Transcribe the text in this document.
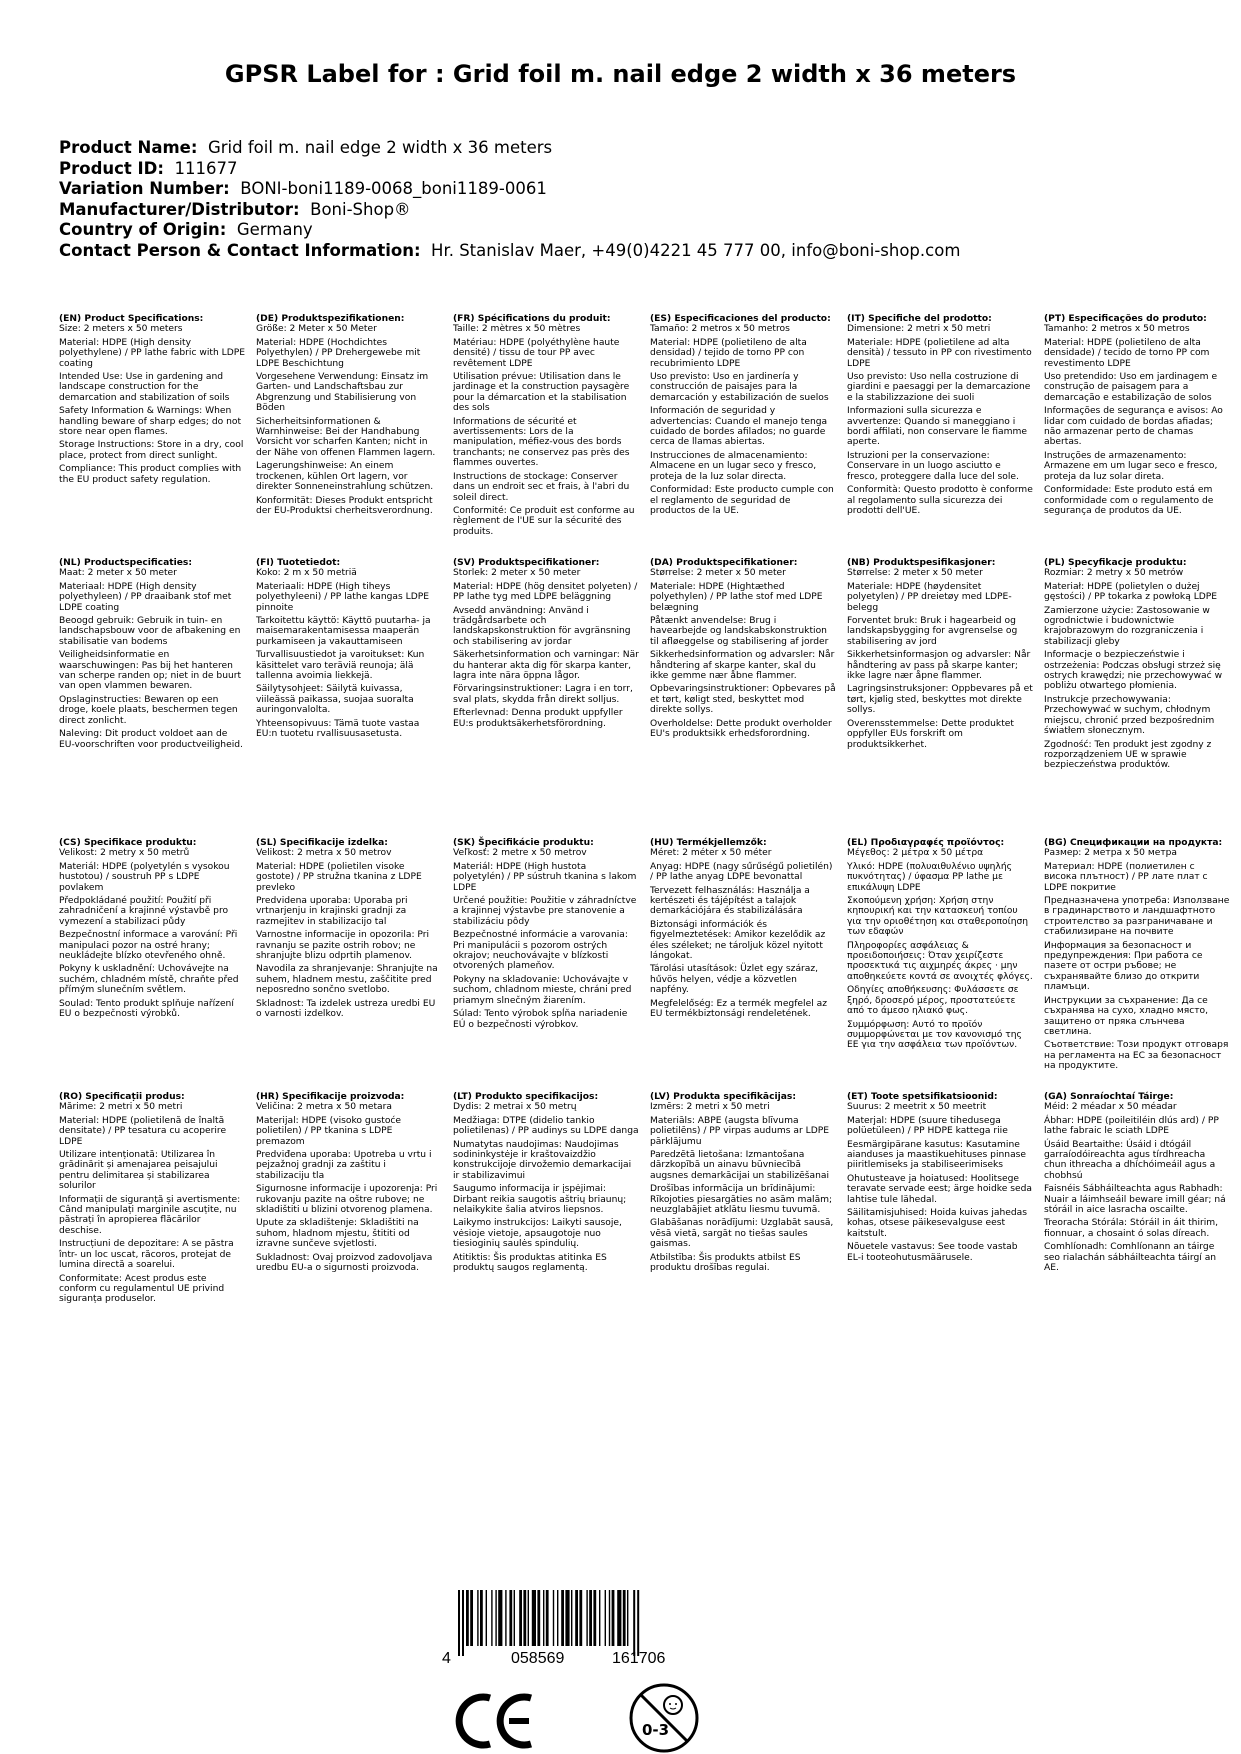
GPSR Label for : Grid foil m. nail edge 2 width x 36 meters
Product Name: Grid foil m. nail edge 2 width x 36 meters
Product ID: 111677
Variation Number: BONI-boni1189-0068_boni1189-0061
Manufacturer/Distributor: Boni-Shop®
Country of Origin: Germany
Contact Person & Contact Information: Hr. Stanislav Maer, +49(0)4221 45 777 00, info@boni-shop.com
(EN) Product Specifications:
Size: 2 meters x 50 meters
Material: HDPE (High density polyethylene) / PP lathe fabric with LDPE coating
Intended Use: Use in gardening and landscape construction for the demarcation and stabilization of soils
Safety Information & Warnings: When handling beware of sharp edges; do not store near open flames.
Storage Instructions: Store in a dry, cool place, protect from direct sunlight.
Compliance: This product complies with the EU product safety regulation.
(DE) Produktspezifikationen:
Größe: 2 Meter x 50 Meter
Material: HDPE (Hochdichtes Polyethylen) / PP Drehergewebe mit LDPE Beschichtung
Vorgesehene Verwendung: Einsatz im Garten- und Landschaftsbau zur Abgrenzung und Stabilisierung von Böden
Sicherheitsinformationen & Warnhinweise: Bei der Handhabung Vorsicht vor scharfen Kanten; nicht in der Nähe von offenen Flammen lagern.
Lagerungshinweise: An einem trockenen, kühlen Ort lagern, vor direkter Sonneneinstrahlung schützen.
Konformität: Dieses Produkt entspricht der EU-Produktsi cherheitsverordnung.
(FR) Spécifications du produit:
Taille: 2 mètres x 50 mètres
Matériau: HDPE (polyéthylène haute densité) / tissu de tour PP avec revêtement LDPE
Utilisation prévue: Utilisation dans le jardinage et la construction paysagère pour la démarcation et la stabilisation des sols
Informations de sécurité et avertissements: Lors de la manipulation, méfiez-vous des bords tranchants; ne conservez pas près des flammes ouvertes.
Instructions de stockage: Conserver dans un endroit sec et frais, à l'abri du soleil direct.
Conformité: Ce produit est conforme au règlement de l'UE sur la sécurité des produits.
(ES) Especificaciones del producto:
Tamaño: 2 metros x 50 metros
Material: HDPE (polietileno de alta densidad) / tejido de torno PP con recubrimiento LDPE
Uso previsto: Uso en jardinería y construcción de paisajes para la demarcación y estabilización de suelos
Información de seguridad y advertencias: Cuando el manejo tenga cuidado de bordes afilados; no guarde cerca de llamas abiertas.
Instrucciones de almacenamiento: Almacene en un lugar seco y fresco, proteja de la luz solar directa.
Conformidad: Este producto cumple con el reglamento de seguridad de productos de la UE.
(IT) Specifiche del prodotto:
Dimensione: 2 metri x 50 metri
Materiale: HDPE (polietilene ad alta densità) / tessuto in PP con rivestimento LDPE
Uso previsto: Uso nella costruzione di giardini e paesaggi per la demarcazione e la stabilizzazione dei suoli
Informazioni sulla sicurezza e avvertenze: Quando si maneggiano i bordi affilati, non conservare le fiamme aperte.
Istruzioni per la conservazione: Conservare in un luogo asciutto e fresco, proteggere dalla luce del sole.
Conformità: Questo prodotto è conforme al regolamento sulla sicurezza dei prodotti dell'UE.
(PT) Especificações do produto:
Tamanho: 2 metros x 50 metros
Material: HDPE (polietileno de alta densidade) / tecido de torno PP com revestimento LDPE
Uso pretendido: Uso em jardinagem e construção de paisagem para a demarcação e estabilização de solos
Informações de segurança e avisos: Ao lidar com cuidado de bordas afiadas; não armazenar perto de chamas abertas.
Instruções de armazenamento: Armazene em um lugar seco e fresco, proteja da luz solar direta.
Conformidade: Este produto está em conformidade com o regulamento de segurança de produtos da UE.
(NL) Productspecificaties:
Maat: 2 meter x 50 meter
Materiaal: HDPE (High density polyethyleen) / PP draaibank stof met LDPE coating
Beoogd gebruik: Gebruik in tuin- en landschapsbouw voor de afbakening en stabilisatie van bodems
Veiligheidsinformatie en waarschuwingen: Pas bij het hanteren van scherpe randen op; niet in de buurt van open vlammen bewaren.
Opslaginstructies: Bewaren op een droge, koele plaats, beschermen tegen direct zonlicht.
Naleving: Dit product voldoet aan de EU-voorschriften voor productveiligheid.
(FI) Tuotetiedot:
Koko: 2 m x 50 metriä
Materiaali: HDPE (High tiheys polyethyleeni) / PP lathe kangas LDPE pinnoite
Tarkoitettu käyttö: Käyttö puutarha- ja maisemarakentamisessa maaperän purkamiseen ja vakauttamiseen
Turvallisuustiedot ja varoitukset: Kun käsittelet varo teräviä reunoja; älä tallenna avoimia liekkejä.
Säilytysohjeet: Säilytä kuivassa, viileässä paikassa, suojaa suoralta auringonvalolta.
Yhteensopivuus: Tämä tuote vastaa EU:n tuotetu rvallisuusasetusta.
(SV) Produktspecifikationer:
Storlek: 2 meter x 50 meter
Material: HDPE (hög densitet polyeten) / PP lathe tyg med LDPE beläggning
Avsedd användning: Använd i trädgårdsarbete och landskapskonstruktion för avgränsning och stabilisering av jordar
Säkerhetsinformation och varningar: När du hanterar akta dig för skarpa kanter, lagra inte nära öppna lågor.
Förvaringsinstruktioner: Lagra i en torr, sval plats, skydda från direkt solljus.
Efterlevnad: Denna produkt uppfyller EU:s produktsäkerhetsförordning.
(DA) Produktspecifikationer:
Størrelse: 2 meter x 50 meter
Materiale: HDPE (Hightæthed polyethylen) / PP lathe stof med LDPE belægning
Påtænkt anvendelse: Brug i havearbejde og landskabskonstruktion til afløeggelse og stabilisering af jorder
Sikkerhedsinformation og advarsler: Når håndtering af skarpe kanter, skal du ikke gemme nær åbne flammer.
Opbevaringsinstruktioner: Opbevares på et tørt, køligt sted, beskyttet mod direkte sollys.
Overholdelse: Dette produkt overholder EU's produktsikk erhedsforordning.
(NB) Produktspesifikasjoner:
Størrelse: 2 meter x 50 meter
Materiale: HDPE (høydensitet polyetylen) / PP dreietøy med LDPE-belegg
Forventet bruk: Bruk i hagearbeid og landskapsbygging for avgrenselse og stabilisering av jord
Sikkerhetsinformasjon og advarsler: Når håndtering av pass på skarpe kanter; ikke lagre nær åpne flammer.
Lagringsinstruksjoner: Oppbevares på et tørt, kjølig sted, beskyttes mot direkte sollys.
Overensstemmelse: Dette produktet oppfyller EUs forskrift om produktsikkerhet.
(PL) Specyfikacje produktu:
Rozmiar: 2 metry x 50 metrów
Materiał: HDPE (polietylen o dużej gęstości) / PP tokarka z powłoką LDPE
Zamierzone użycie: Zastosowanie w ogrodnictwie i budownictwie krajobrazowym do rozgraniczenia i stabilizacji gleby
Informacje o bezpieczeństwie i ostrzeżenia: Podczas obsługi strzeż się ostrych krawędzi; nie przechowywać w pobliżu otwartego płomienia.
Instrukcje przechowywania: Przechowywać w suchym, chłodnym miejscu, chronić przed bezpośrednim światłem słonecznym.
Zgodność: Ten produkt jest zgodny z rozporządzeniem UE w sprawie bezpieczeństwa produktów.
(CS) Specifikace produktu:
Velikost: 2 metry x 50 metrů
Materiál: HDPE (polyetylén s vysokou hustotou) / soustruh PP s LDPE povlakem
Předpokládané použití: Použití při zahradničení a krajinné výstavbě pro vymezení a stabilizaci půdy
Bezpečnostní informace a varování: Při manipulaci pozor na ostré hrany; neukládejte blízko otevřeného ohně.
Pokyny k uskladnění: Uchovávejte na suchém, chladném místě, chraňte před přímým slunečním světlem.
Soulad: Tento produkt splňuje nařízení EU o bezpečnosti výrobků.
(SL) Specifikacije izdelka:
Velikost: 2 metra x 50 metrov
Material: HDPE (polietilen visoke gostote) / PP stružna tkanina z LDPE prevleko
Predvidena uporaba: Uporaba pri vrtnarjenju in krajinski gradnji za razmejitev in stabilizacijo tal
Varnostne informacije in opozorila: Pri ravnanju se pazite ostrih robov; ne shranjujte blizu odprtih plamenov.
Navodila za shranjevanje: Shranjujte na suhem, hladnem mestu, zaščitite pred neposredno sončno svetlobo.
Skladnost: Ta izdelek ustreza uredbi EU o varnosti izdelkov.
(SK) Špecifikácie produktu:
Veľkosť: 2 metre x 50 metrov
Materiál: HDPE (High hustota polyetylén) / PP sústruh tkanina s lakom LDPE
Určené použitie: Použitie v záhradníctve a krajinnej výstavbe pre stanovenie a stabilizáciu pôdy
Bezpečnostné informácie a varovania: Pri manipulácii s pozorom ostrých okrajov; neuchovávajte v blízkosti otvorených plameňov.
Pokyny na skladovanie: Uchovávajte v suchom, chladnom mieste, chráni pred priamym slnečným žiarením.
Súlad: Tento výrobok spĺňa nariadenie EÚ o bezpečnosti výrobkov.
(HU) Termékjellemzők:
Méret: 2 méter x 50 méter
Anyag: HDPE (nagy sűrűségű polietilén) / PP lathe anyag LDPE bevonattal
Tervezett felhasználás: Használja a kertészeti és tájépítést a talajok demarkációjára és stabilizálására
Biztonsági információk és figyelmeztetések: Amikor kezelődik az éles széleket; ne tároljuk közel nyitott lángokat.
Tárolási utasítások: Üzlet egy száraz, hűvös helyen, védje a közvetlen napfény.
Megfelelőség: Ez a termék megfelel az EU termékbiztonsági rendeletének.
(EL) Προδιαγραφές προϊόντος:
Μέγεθος: 2 μέτρα x 50 μέτρα
Υλικό: HDPE (πολυαιθυλένιο υψηλής πυκνότητας) / ύφασμα PP lathe με επικάλυψη LDPE
Σκοπούμενη χρήση: Χρήση στην κηπουρική και την κατασκευή τοπίου για την οριοθέτηση και σταθεροποίηση των εδαφών
Πληροφορίες ασφάλειας & προειδοποιήσεις: Όταν χειρίζεστε προσεκτικά τις αιχμηρές άκρες · μην αποθηκεύετε κοντά σε ανοιχτές φλόγες.
Οδηγίες αποθήκευσης: Φυλάσσετε σε ξηρό, δροσερό μέρος, προστατεύετε από το άμεσο ηλιακό φως.
Συμμόρφωση: Αυτό το προϊόν συμμορφώνεται με τον κανονισμό της ΕΕ για την ασφάλεια των προϊόντων.
(BG) Спецификации на продукта:
Размер: 2 метра x 50 метра
Материал: HDPE (полиетилен с висока плътност) / PP лате плат с LDPE покритие
Предназначена употреба: Използване в градинарството и ландшафтното строителство за разграничаване и стабилизиране на почвите
Информация за безопасност и предупреждения: При работа се пазете от остри ръбове; не съхранявайте близо до открити пламъци.
Инструкции за съхранение: Да се съхранява на сухо, хладно място, защитено от пряка слънчева светлина.
Съответствие: Този продукт отговаря на регламента на ЕС за безопасност на продуктите.
(RO) Specificații produs:
Mărime: 2 metri x 50 metri
Material: HDPE (polietilenă de înaltă densitate) / PP tesatura cu acoperire LDPE
Utilizare intenționată: Utilizarea în grădinărit și amenajarea peisajului pentru delimitarea și stabilizarea solurilor
Informații de siguranță și avertismente: Când manipulați marginile ascuțite, nu păstrați în apropierea flăcărilor deschise.
Instrucțiuni de depozitare: A se păstra într- un loc uscat, răcoros, protejat de lumina directă a soarelui.
Conformitate: Acest produs este conform cu regulamentul UE privind siguranța produselor.
(HR) Specifikacije proizvoda:
Veličina: 2 metra x 50 metara
Materijal: HDPE (visoko gustoće polietilen) / PP tkanina s LDPE premazom
Predviđena uporaba: Upotreba u vrtu i pejzažnoj gradnji za zaštitu i stabilizaciju tla
Sigurnosne informacije i upozorenja: Pri rukovanju pazite na oštre rubove; ne skladištiti u blizini otvorenog plamena.
Upute za skladištenje: Skladištiti na suhom, hladnom mjestu, štititi od izravne sunčeve svjetlosti.
Sukladnost: Ovaj proizvod zadovoljava uredbu EU-a o sigurnosti proizvoda.
(LT) Produkto specifikacijos:
Dydis: 2 metrai x 50 metrų
Medžiaga: DTPE (didelio tankio polietilenas) / PP audinys su LDPE danga
Numatytas naudojimas: Naudojimas sodininkystėje ir kraštovaizdžio konstrukcijoje dirvožemio demarkacijai ir stabilizavimui
Saugumo informacija ir įspėjimai: Dirbant reikia saugotis aštrių briaunų; nelaikykite šalia atviros liepsnos.
Laikymo instrukcijos: Laikyti sausoje, vėsioje vietoje, apsaugotoje nuo tiesioginių saulės spindulių.
Atitiktis: Šis produktas atitinka ES produktų saugos reglamentą.
(LV) Produkta specifikācijas:
Izmērs: 2 metri x 50 metri
Materiāls: ABPE (augsta blīvuma polietilēns) / PP virpas audums ar LDPE pārklājumu
Paredzētā lietošana: Izmantošana dārzkopībā un ainavu būvniecībā augsnes demarkācijai un stabilizēšanai
Drošības informācija un brīdinājumi: Rīkojoties piesargāties no asām malām; neuzglabājiet atklātu liesmu tuvumā.
Glabāšanas norādījumi: Uzglabāt sausā, vēsā vietā, sargāt no tiešas saules gaismas.
Atbilstība: Šis produkts atbilst ES produktu drošības regulai.
(ET) Toote spetsifikatsioonid:
Suurus: 2 meetrit x 50 meetrit
Materjal: HDPE (suure tihedusega polüetüleen) / PP HDPE kattega riie
Eesmärgipärane kasutus: Kasutamine aianduses ja maastikuehituses pinnase piiritlemiseks ja stabiliseerimiseks
Ohutusteave ja hoiatused: Hoolitsege teravate servade eest; ärge hoidke seda lahtise tule lähedal.
Säilitamisjuhised: Hoida kuivas jahedas kohas, otsese päikesevalguse eest kaitstult.
Nõuetele vastavus: See toode vastab EL-i tooteohutusmäärusele.
(GA) Sonraíochtaí Táirge:
Méid: 2 méadar x 50 méadar
Ábhar: HDPE (poileitiléin dlús ard) / PP lathe fabraic le sciath LDPE
Úsáid Beartaithe: Úsáid i dtógáil garraíodóireachta agus tírdhreacha chun ithreacha a dhíchóimeáil agus a chobhsú
Faisnéis Sábháilteachta agus Rabhadh: Nuair a láimhseáil beware imill géar; ná stóráil in aice lasracha oscailte.
Treoracha Stórála: Stóráil in áit thirim, fionnuar, a chosaint ó solas díreach.
Comhlíonadh: Comhlíonann an táirge seo rialachán sábháilteachta táirgí an AE.
4	058569	161706
0-3
